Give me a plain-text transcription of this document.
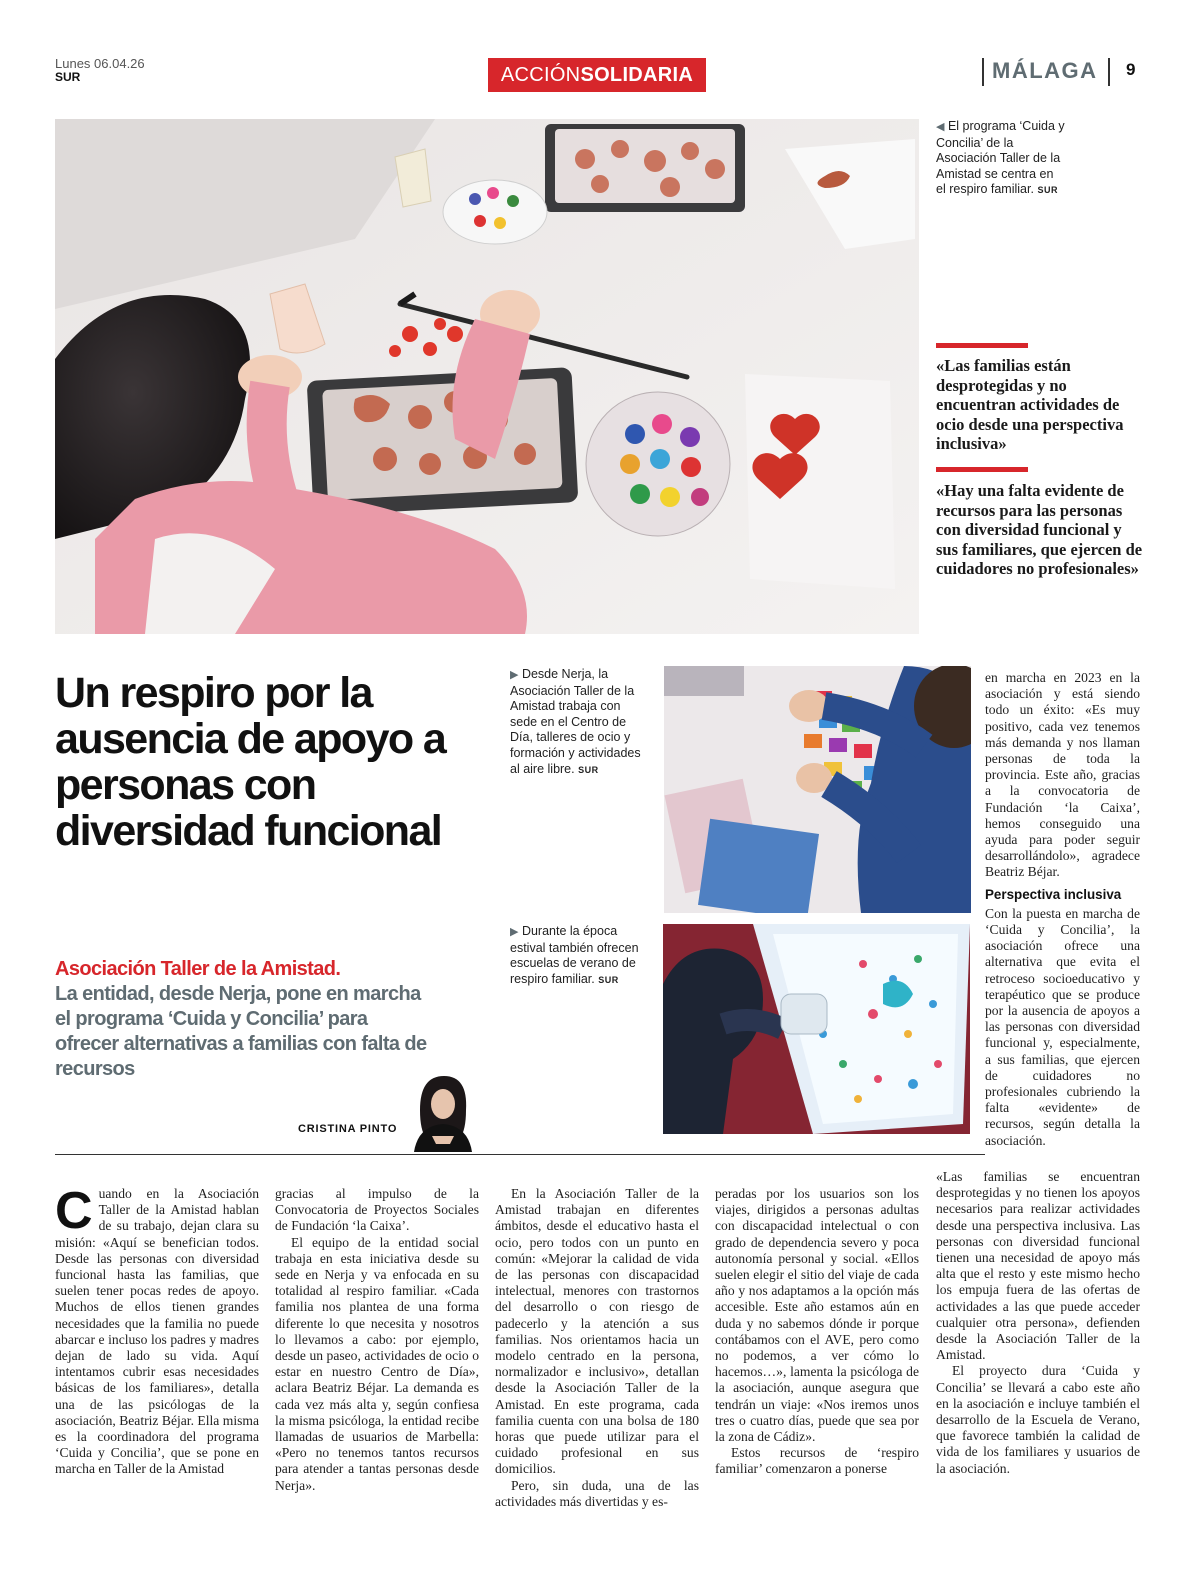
Lunes 06.04.26
SUR	ACCIÓNSOLIDARIA	MÁLAGA 9
◀ El programa ‘Cuida y Concilia’ de la Asociación Taller de la Amistad se centra en el respiro familiar. SUR
«Las familias están desprotegidas y no encuentran actividades de ocio desde una perspectiva inclusiva»
«Hay una falta evidente de recursos para las personas con diversidad funcional y sus familiares, que ejercen de cuidadores no profesionales»
Un respiro por la ausencia de apoyo a personas con diversidad funcional
Asociación Taller de la Amistad.
La entidad, desde Nerja, pone en marcha el programa ‘Cuida y Concilia’ para ofrecer alternativas a familias con falta de recursos
CRISTINA PINTO
▶ Desde Nerja, la Asociación Taller de la Amistad trabaja con sede en el Centro de Día, talleres de ocio y formación y actividades al aire libre. SUR
▶ Durante la época estival también ofrecen escuelas de verano de respiro familiar. SUR

en marcha en 2023 en la asociación y está siendo todo un éxito: «Es muy positivo, cada vez tenemos más demanda y nos llaman personas de toda la provincia. Este año, gracias a la convocatoria de Fundación ‘la Caixa’, hemos conseguido una ayuda para poder seguir desarrollándolo», agradece Beatriz Béjar.

Perspectiva inclusiva

Con la puesta en marcha de ‘Cuida y Concilia’, la asociación ofrece una alternativa que evita el retroceso socioeducativo y terapéutico que se produce por la ausencia de apoyos a las personas con diversidad funcional y, especialmente, a sus familias, que ejercen de cuidadores no profesionales cubriendo la falta «evidente» de recursos, según detalla la asociación.

Cuando en la Asociación Taller de la Amistad hablan de su trabajo, dejan clara su misión: «Aquí se benefician todos. Desde las personas con diversidad funcional hasta las familias, que suelen tener pocas redes de apoyo. Muchos de ellos tienen grandes necesidades que la familia no puede abarcar e incluso los padres y madres dejan de lado su vida. Aquí intentamos cubrir esas necesidades básicas de los familiares», detalla una de las psicólogas de la asociación, Beatriz Béjar. Ella misma es la coordinadora del programa ‘Cuida y Concilia’, que se pone en marcha en Taller de la Amistad

gracias al impulso de la Convocatoria de Proyectos Sociales de Fundación ‘la Caixa’.

El equipo de la entidad social trabaja en esta iniciativa desde su sede en Nerja y va enfocada en su totalidad al respiro familiar. «Cada familia nos plantea de una forma diferente lo que necesita y nosotros lo llevamos a cabo: por ejemplo, desde un paseo, actividades de ocio o estar en nuestro Centro de Día», aclara Beatriz Béjar. La demanda es cada vez más alta y, según confiesa la misma psicóloga, la entidad recibe llamadas de usuarios de Marbella: «Pero no tenemos tantos recursos para atender a tantas personas desde Nerja».

En la Asociación Taller de la Amistad trabajan en diferentes ámbitos, desde el educativo hasta el ocio, pero todos con un punto en común: «Mejorar la calidad de vida de las personas con discapacidad intelectual, menores con trastornos del desarrollo o con riesgo de padecerlo y la atención a sus familias. Nos orientamos hacia un modelo centrado en la persona, normalizador e inclusivo», detallan desde la Asociación Taller de la Amistad. En este programa, cada familia cuenta con una bolsa de 180 horas que puede utilizar para el cuidado profesional en sus domicilios.

Pero, sin duda, una de las actividades más divertidas y es-

peradas por los usuarios son los viajes, dirigidos a personas adultas con discapacidad intelectual o con grado de dependencia severo y poca autonomía personal y social. «Ellos suelen elegir el sitio del viaje de cada año y nos adaptamos a la opción más accesible. Este año estamos aún en duda y no sabemos dónde ir porque contábamos con el AVE, pero como no podemos, a ver cómo lo hacemos…», lamenta la psicóloga de la asociación, aunque asegura que tendrán un viaje: «Nos iremos unos tres o cuatro días, puede que sea por la zona de Cádiz».

Estos recursos de ‘respiro familiar’ comenzaron a ponerse

«Las familias se encuentran desprotegidas y no tienen los apoyos necesarios para realizar actividades desde una perspectiva inclusiva. Las personas con diversidad funcional tienen una necesidad de apoyo más alta que el resto y este mismo hecho los empuja fuera de las ofertas de actividades a las que puede acceder cualquier otra persona», defienden desde la Asociación Taller de la Amistad.

El proyecto dura ‘Cuida y Concilia’ se llevará a cabo este año en la asociación e incluye también el desarrollo de la Escuela de Verano, que favorece también la calidad de vida de los familiares y usuarios de la asociación.
